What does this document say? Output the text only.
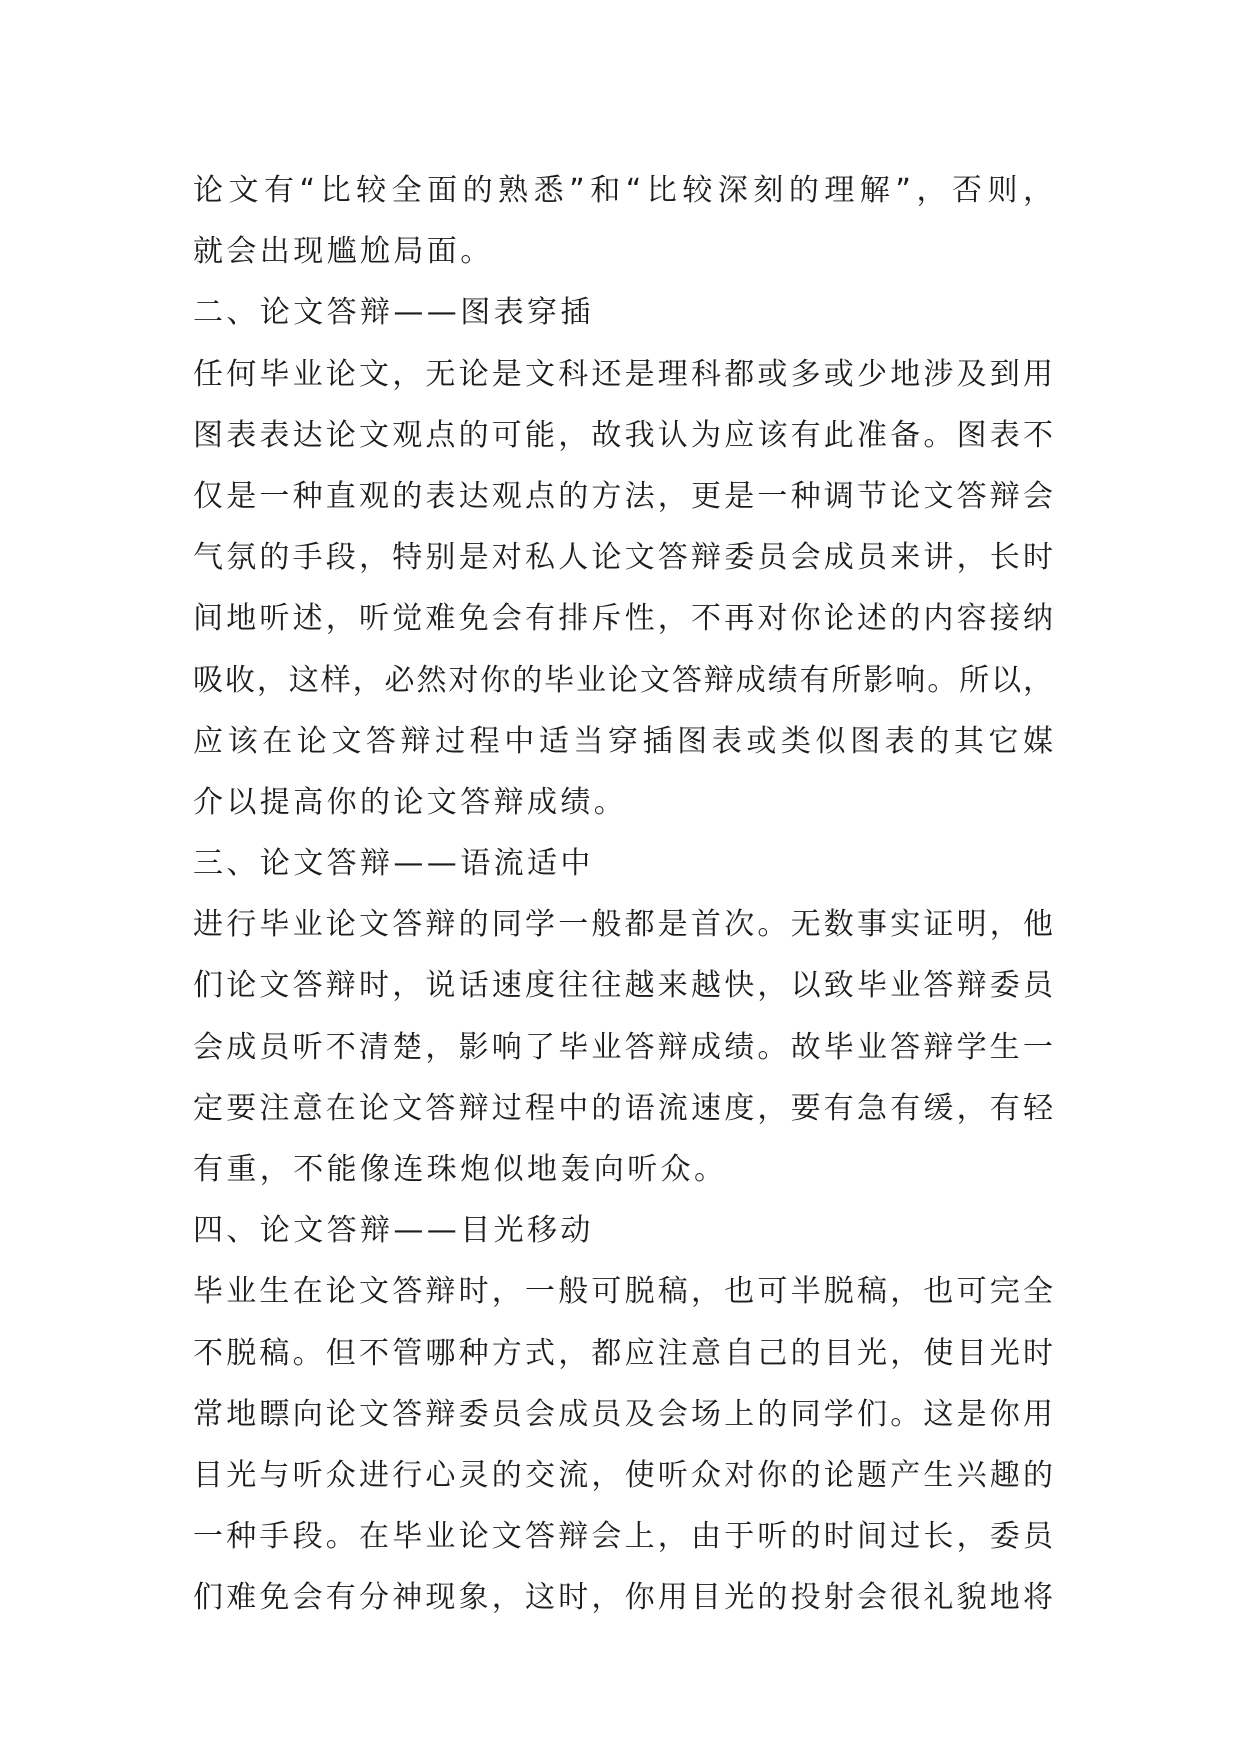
论文有“比较全面的熟悉”和“比较深刻的理解”，否则，
就会出现尴尬局面。
二、论文答辩——图表穿插
任何毕业论文，无论是文科还是理科都或多或少地涉及到用
图表表达论文观点的可能，故我认为应该有此准备。图表不
仅是一种直观的表达观点的方法，更是一种调节论文答辩会
气氛的手段，特别是对私人论文答辩委员会成员来讲，长时
间地听述，听觉难免会有排斥性，不再对你论述的内容接纳
吸收，这样，必然对你的毕业论文答辩成绩有所影响。所以，
应该在论文答辩过程中适当穿插图表或类似图表的其它媒
介以提高你的论文答辩成绩。
三、论文答辩——语流适中
进行毕业论文答辩的同学一般都是首次。无数事实证明，他
们论文答辩时，说话速度往往越来越快，以致毕业答辩委员
会成员听不清楚，影响了毕业答辩成绩。故毕业答辩学生一
定要注意在论文答辩过程中的语流速度，要有急有缓，有轻
有重，不能像连珠炮似地轰向听众。
四、论文答辩——目光移动
毕业生在论文答辩时，一般可脱稿，也可半脱稿，也可完全
不脱稿。但不管哪种方式，都应注意自己的目光，使目光时
常地瞟向论文答辩委员会成员及会场上的同学们。这是你用
目光与听众进行心灵的交流，使听众对你的论题产生兴趣的
一种手段。在毕业论文答辩会上，由于听的时间过长，委员
们难免会有分神现象，这时，你用目光的投射会很礼貌地将
